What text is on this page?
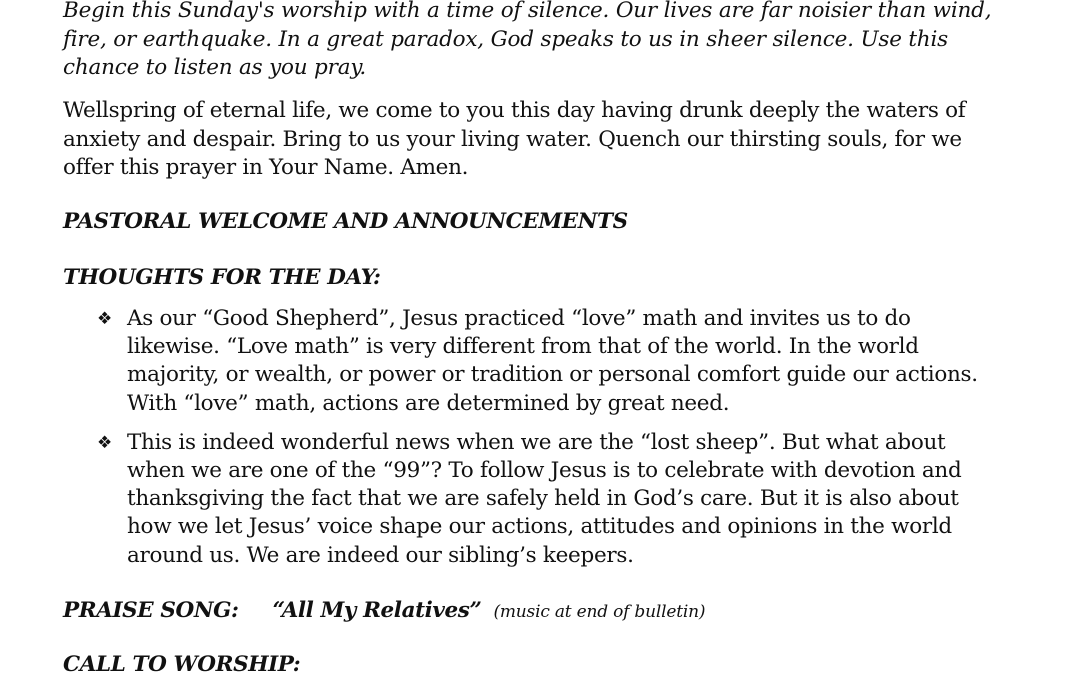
Begin this Sunday's worship with a time of silence. Our lives are far noisier than wind, fire, or earthquake. In a great paradox, God speaks to us in sheer silence. Use this chance to listen as you pray.

Wellspring of eternal life, we come to you this day having drunk deeply the waters of anxiety and despair. Bring to us your living water. Quench our thirsting souls, for we offer this prayer in Your Name. Amen.

PASTORAL WELCOME AND ANNOUNCEMENTS

THOUGHTS FOR THE DAY:

❖ As our “Good Shepherd”, Jesus practiced “love” math and invites us to do likewise. “Love math” is very different from that of the world. In the world majority, or wealth, or power or tradition or personal comfort guide our actions. With “love” math, actions are determined by great need.
❖ This is indeed wonderful news when we are the “lost sheep”. But what about when we are one of the “99”? To follow Jesus is to celebrate with devotion and thanksgiving the fact that we are safely held in God’s care. But it is also about how we let Jesus’ voice shape our actions, attitudes and opinions in the world around us. We are indeed our sibling’s keepers.

PRAISE SONG: “All My Relatives” (music at end of bulletin)

CALL TO WORSHIP:
